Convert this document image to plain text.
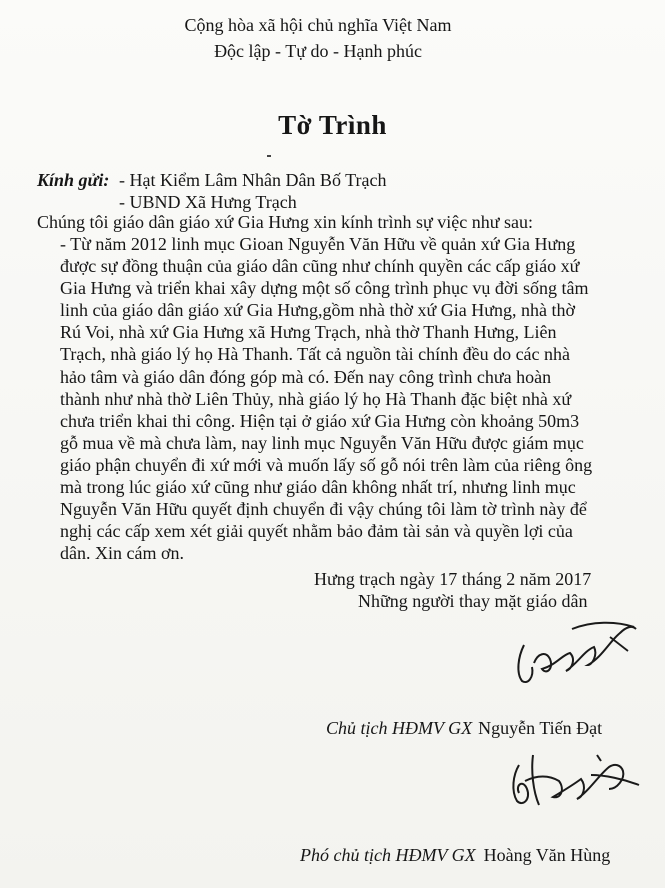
Cộng hòa xã hội chủ nghĩa Việt Nam
Độc lập - Tự do - Hạnh phúc
Tờ Trình
Kính gửi: - Hạt Kiểm Lâm Nhân Dân Bố Trạch
- UBND Xã Hưng Trạch
Chúng tôi giáo dân giáo xứ Gia Hưng xin kính trình sự việc như sau:
- Từ năm 2012 linh mục Gioan Nguyễn Văn Hữu về quản xứ Gia Hưng
được sự đồng thuận của giáo dân cũng như chính quyền các cấp giáo xứ
Gia Hưng và triển khai xây dựng một số công trình phục vụ đời sống tâm
linh của giáo dân giáo xứ Gia Hưng,gồm nhà thờ xứ Gia Hưng, nhà thờ
Rú Voi, nhà xứ Gia Hưng xã Hưng Trạch, nhà thờ Thanh Hưng, Liên
Trạch, nhà giáo lý họ Hà Thanh. Tất cả nguồn tài chính đều do các nhà
hảo tâm và giáo dân đóng góp mà có. Đến nay công trình chưa hoàn
thành như nhà thờ Liên Thủy, nhà giáo lý họ Hà Thanh đặc biệt nhà xứ
chưa triển khai thi công. Hiện tại ở giáo xứ Gia Hưng còn khoảng 50m3
gỗ mua về mà chưa làm, nay linh mục Nguyễn Văn Hữu được giám mục
giáo phận chuyển đi xứ mới và muốn lấy số gỗ nói trên làm của riêng ông
mà trong lúc giáo xứ cũng như giáo dân không nhất trí, nhưng linh mục
Nguyễn Văn Hữu quyết định chuyển đi vậy chúng tôi làm tờ trình này để
nghị các cấp xem xét giải quyết nhằm bảo đảm tài sản và quyền lợi của
dân. Xin cám ơn.
Hưng trạch ngày 17 tháng 2 năm 2017
Những người thay mặt giáo dân
Chủ tịch HĐMV GX Nguyễn Tiến Đạt
Phó chủ tịch HĐMV GX Hoàng Văn Hùng
